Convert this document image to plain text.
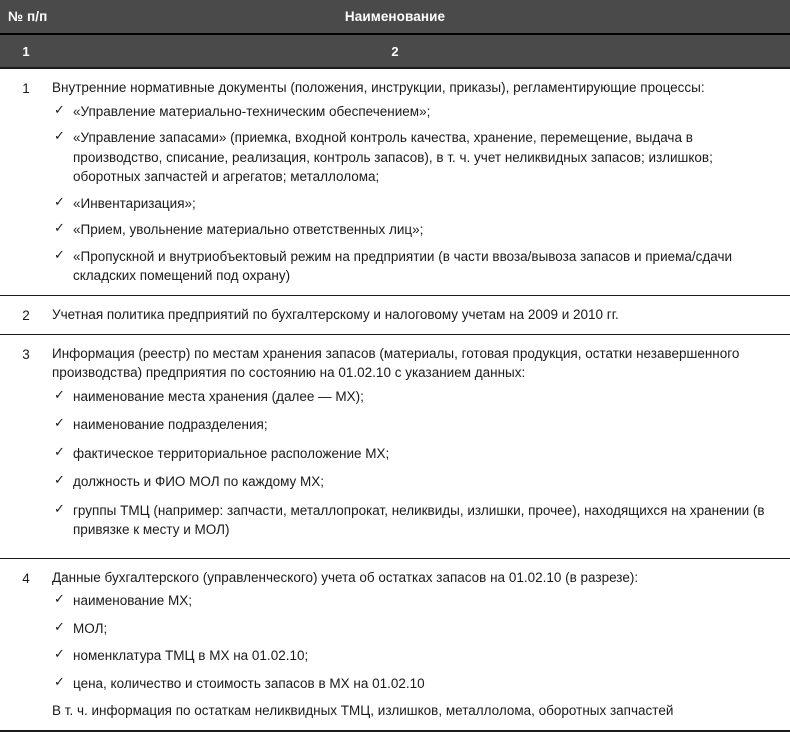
№ п/п	Наименование
1	2
1	Внутренние нормативные документы (положения, инструкции, приказы), регламентирующие процессы:

✓ «Управление материально-техническим обеспечением»;
✓ «Управление запасами» (приемка, входной контроль качества, хранение, перемещение, выдача в производство, списание, реализация, контроль запасов), в т. ч. учет неликвидных запасов; излишков; оборотных запчастей и агрегатов; металлолома;
✓ «Инвентаризация»;
✓ «Прием, увольнение материально ответственных лиц»;
✓ «Пропускной и внутриобъектовый режим на предприятии (в части ввоза/вывоза запасов и приема/сдачи складских помещений под охрану)
2	Учетная политика предприятий по бухгалтерскому и налоговому учетам на 2009 и 2010 гг.

3	Информация (реестр) по местам хранения запасов (материалы, готовая продукция, остатки незавершенного производства) предприятия по состоянию на 01.02.10 с указанием данных:

✓ наименование места хранения (далее — МХ);
✓ наименование подразделения;
✓ фактическое территориальное расположение МХ;
✓ должность и ФИО МОЛ по каждому МХ;
✓ группы ТМЦ (например: запчасти, металлопрокат, неликвиды, излишки, прочее), находящихся на хранении (в привязке к месту и МОЛ)
4	Данные бухгалтерского (управленческого) учета об остатках запасов на 01.02.10 (в разрезе):

✓ наименование МХ;
✓ МОЛ;
✓ номенклатура ТМЦ в МХ на 01.02.10;
✓ цена, количество и стоимость запасов в МХ на 01.02.10

В т. ч. информация по остаткам неликвидных ТМЦ, излишков, металлолома, оборотных запчастей
